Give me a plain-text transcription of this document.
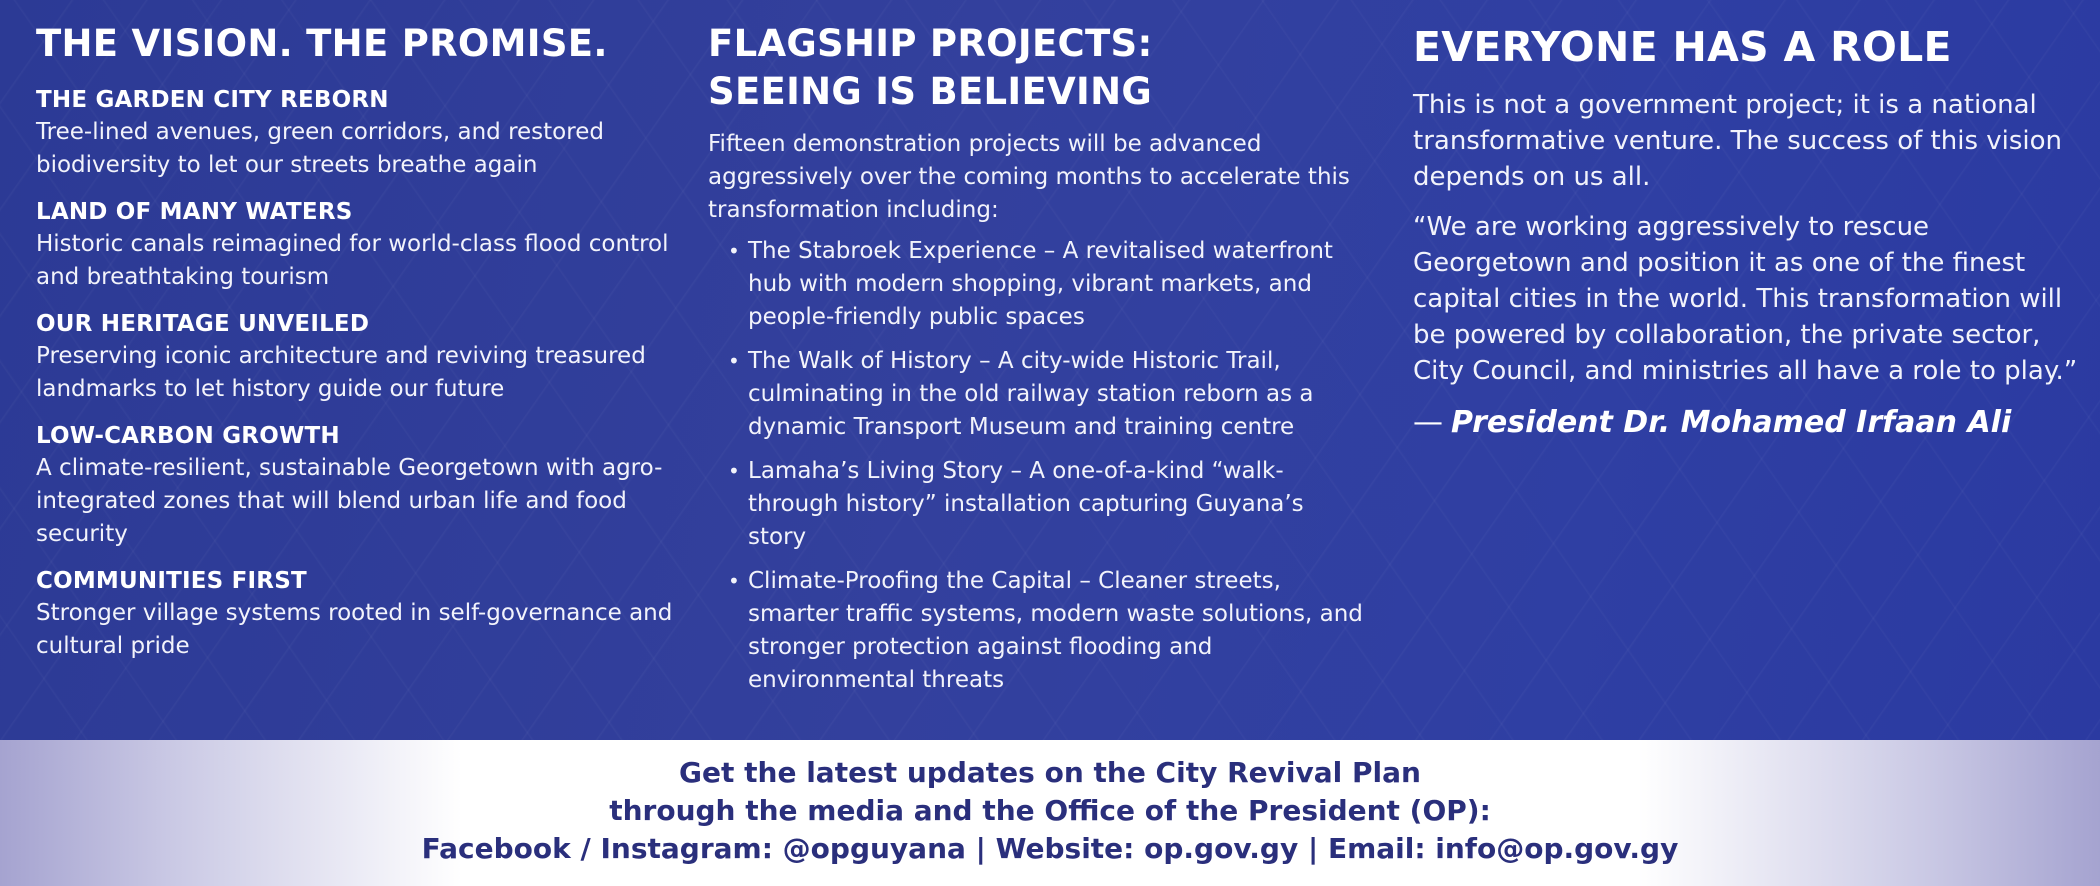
THE VISION. THE PROMISE.
THE GARDEN CITY REBORN

Tree-lined avenues, green corridors, and restored biodiversity to let our streets breathe again

LAND OF MANY WATERS

Historic canals reimagined for world-class flood control and breathtaking tourism

OUR HERITAGE UNVEILED

Preserving iconic architecture and reviving treasured landmarks to let history guide our future

LOW-CARBON GROWTH

A climate-resilient, sustainable Georgetown with agro-integrated zones that will blend urban life and food security

COMMUNITIES FIRST

Stronger village systems rooted in self-governance and cultural pride

FLAGSHIP PROJECTS:
SEEING IS BELIEVING

Fifteen demonstration projects will be advanced aggressively over the coming months to accelerate this transformation including:

• The Stabroek Experience – A revitalised waterfront hub with modern shopping, vibrant markets, and people-friendly public spaces
• The Walk of History – A city-wide Historic Trail, culminating in the old railway station reborn as a dynamic Transport Museum and training centre
• Lamaha’s Living Story – A one-of-a-kind “walk-through history” installation capturing Guyana’s story
• Climate-Proofing the Capital – Cleaner streets, smarter traffic systems, modern waste solutions, and stronger protection against flooding and environmental threats
EVERYONE HAS A ROLE

This is not a government project; it is a national transformative venture. The success of this vision depends on us all.

“We are working aggressively to rescue Georgetown and position it as one of the finest capital cities in the world. This transformation will be powered by collaboration, the private sector, City Council, and ministries all have a role to play.”

— President Dr. Mohamed Irfaan Ali
Get the latest updates on the City Revival Plan
through the media and the Office of the President (OP):
Facebook / Instagram: @opguyana | Website: op.gov.gy | Email: info@op.gov.gy
